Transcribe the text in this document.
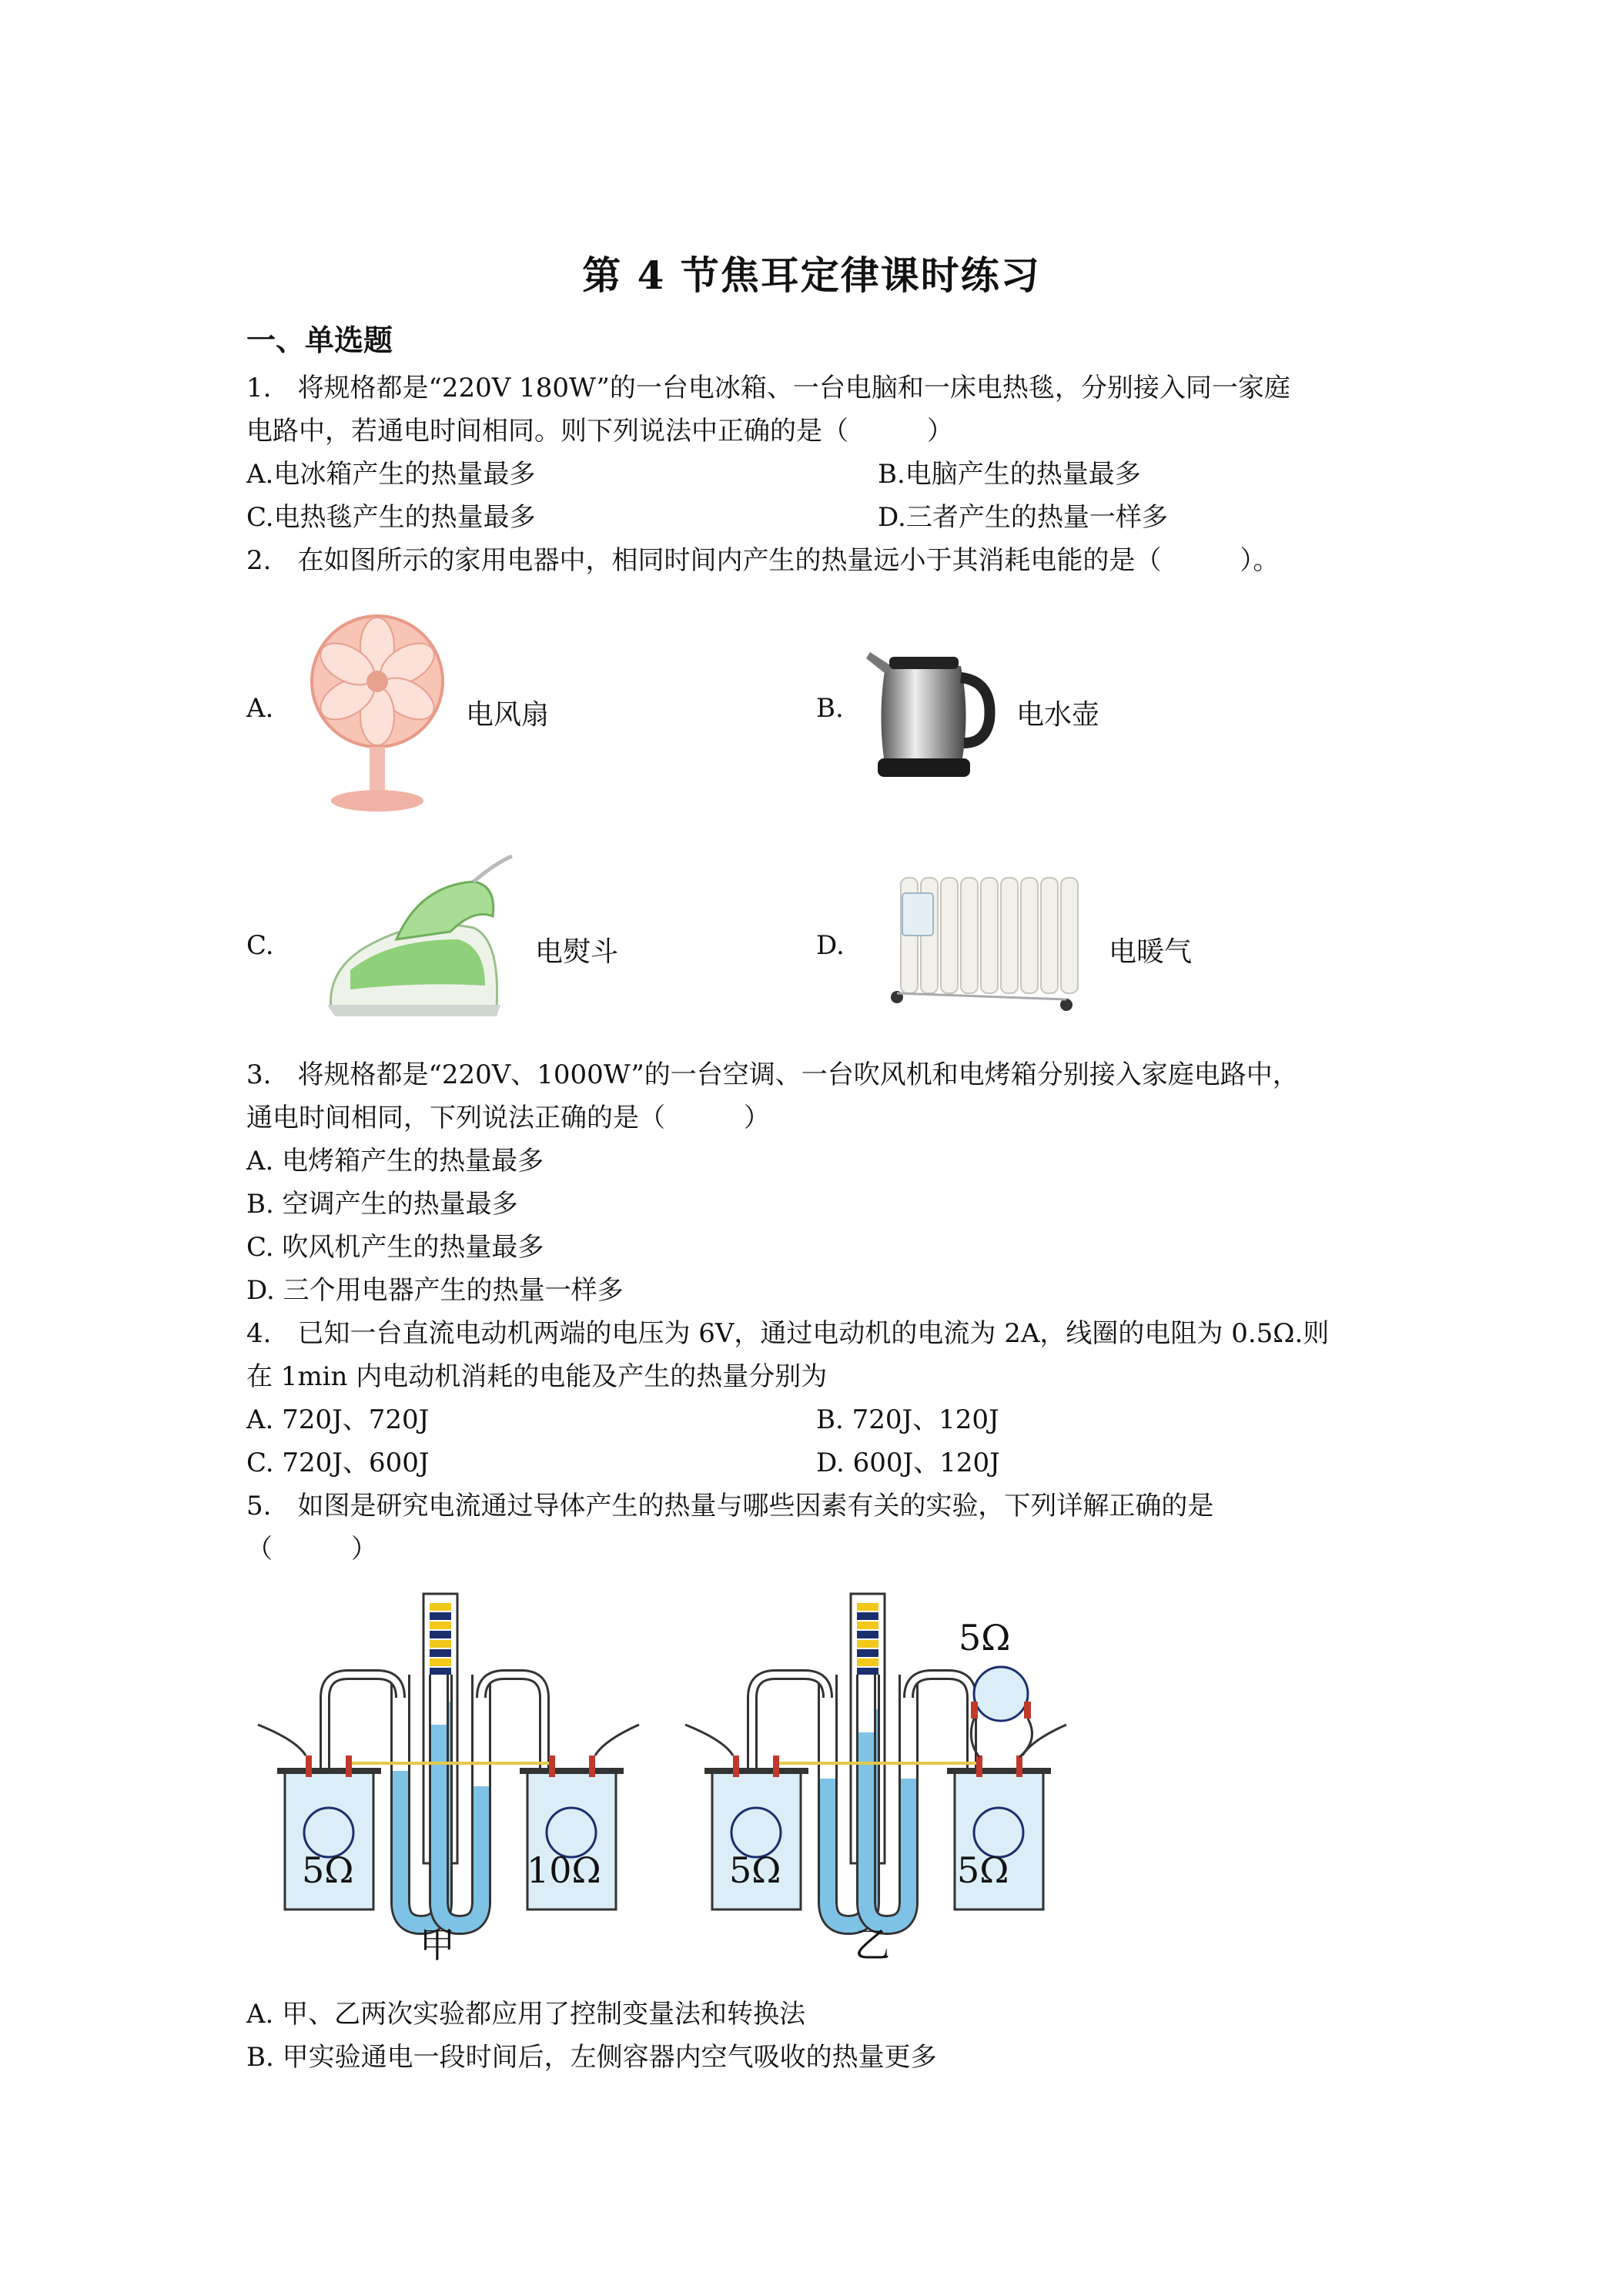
第 4 节焦耳定律课时练习
一、单选题
1.　将规格都是“220V 180W”的一台电冰箱、一台电脑和一床电热毯，分别接入同一家庭
电路中，若通电时间相同。则下列说法中正确的是（　　　）
A.电冰箱产生的热量最多	B.电脑产生的热量最多
C.电热毯产生的热量最多	D.三者产生的热量一样多
2.　在如图所示的家用电器中，相同时间内产生的热量远小于其消耗电能的是（　　　）。
A.	电风扇	B.	电水壶
C.	电熨斗	D.	电暖气
3.　将规格都是“220V、1000W”的一台空调、一台吹风机和电烤箱分别接入家庭电路中，
通电时间相同，下列说法正确的是（　　　）
A. 电烤箱产生的热量最多
B. 空调产生的热量最多
C. 吹风机产生的热量最多
D. 三个用电器产生的热量一样多
4.　已知一台直流电动机两端的电压为 6V，通过电动机的电流为 2A，线圈的电阻为 0.5Ω.则
在 1min 内电动机消耗的电能及产生的热量分别为
A. 720J、720J	B. 720J、120J
C. 720J、600J	D. 600J、120J
5.　如图是研究电流通过导体产生的热量与哪些因素有关的实验，下列详解正确的是
（　　　）
5Ω	10Ω
甲
5Ω	5Ω
5Ω
乙
A. 甲、乙两次实验都应用了控制变量法和转换法
B. 甲实验通电一段时间后，左侧容器内空气吸收的热量更多
